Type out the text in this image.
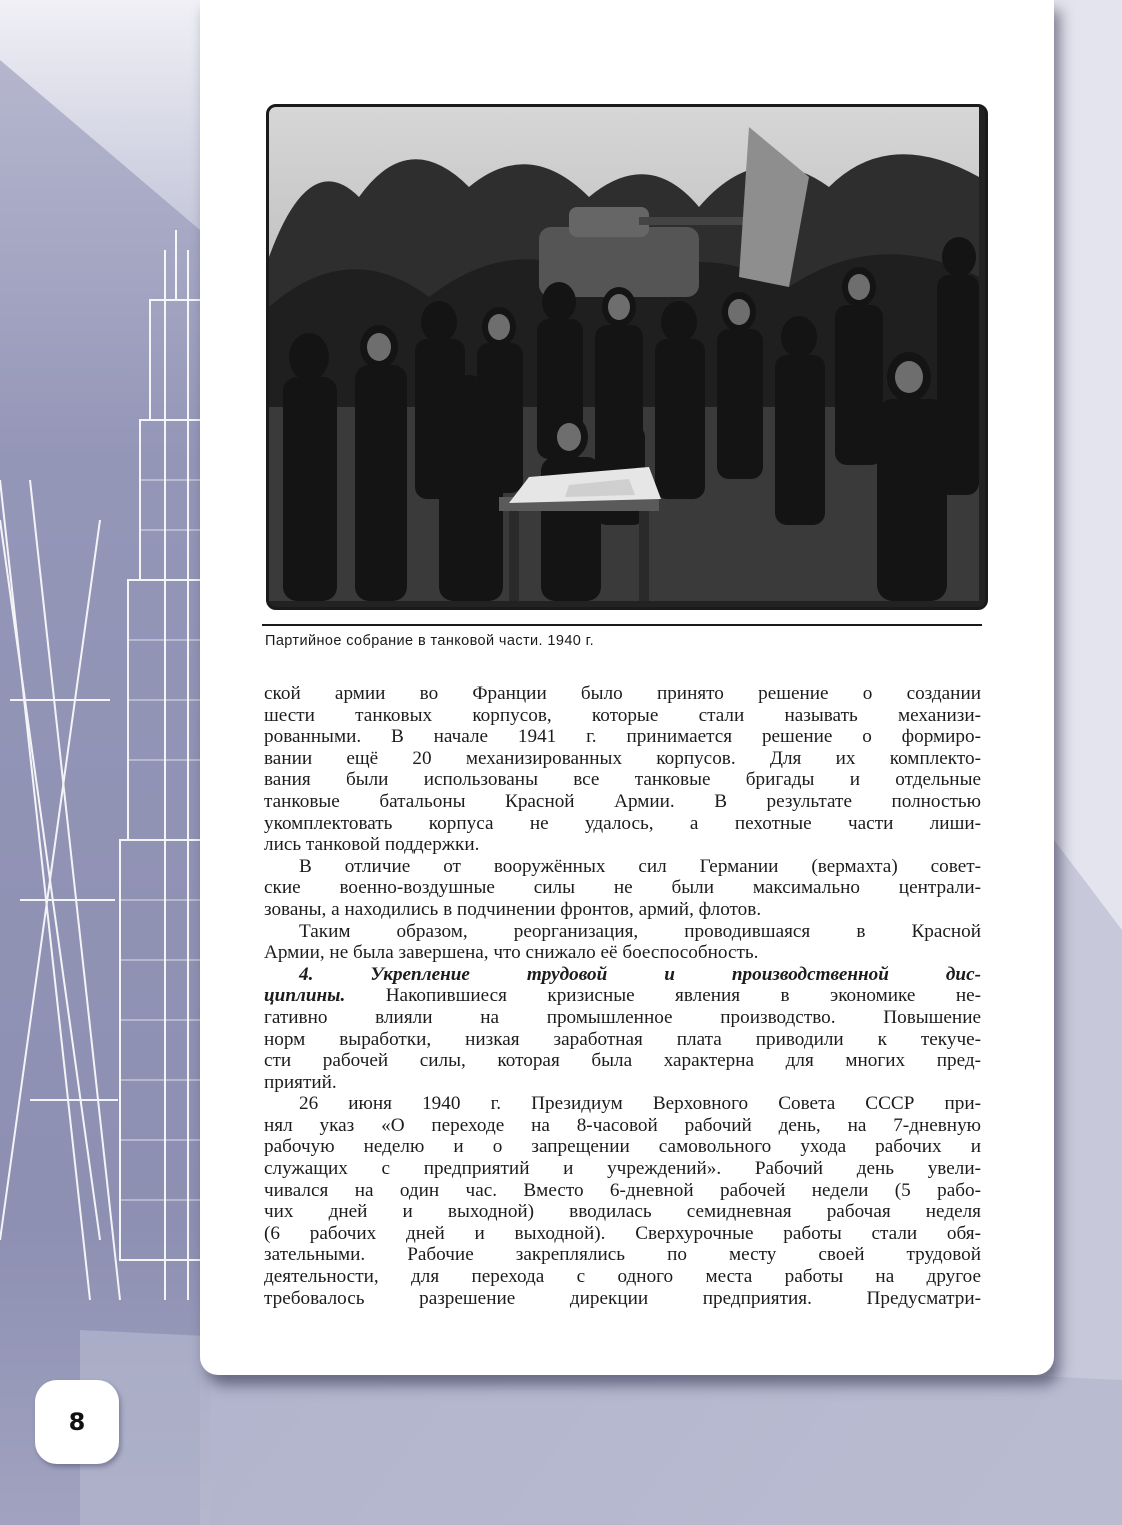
Партийное собрание в танковой части. 1940 г.
ской армии во Франции было принято решение о создании
шести танковых корпусов, которые стали называть механизи-
рованными. В начале 1941 г. принимается решение о формиро-
вании ещё 20 механизированных корпусов. Для их комплекто-
вания были использованы все танковые бригады и отдельные
танковые батальоны Красной Армии. В результате полностью
укомплектовать корпуса не удалось, а пехотные части лиши-
лись танковой поддержки.
В отличие от вооружённых сил Германии (вермахта) совет-
ские военно-воздушные силы не были максимально централи-
зованы, а находились в подчинении фронтов, армий, флотов.
Таким образом, реорганизация, проводившаяся в Красной
Армии, не была завершена, что снижало её боеспособность.
4. Укрепление трудовой и производственной дис-
циплины. Накопившиеся кризисные явления в экономике не-
гативно влияли на промышленное производство. Повышение
норм выработки, низкая заработная плата приводили к текуче-
сти рабочей силы, которая была характерна для многих пред-
приятий.
26 июня 1940 г. Президиум Верховного Совета СССР при-
нял указ «О переходе на 8-часовой рабочий день, на 7-дневную
рабочую неделю и о запрещении самовольного ухода рабочих и
служащих с предприятий и учреждений». Рабочий день увели-
чивался на один час. Вместо 6-дневной рабочей недели (5 рабо-
чих дней и выходной) вводилась семидневная рабочая неделя
(6 рабочих дней и выходной). Сверхурочные работы стали обя-
зательными. Рабочие закреплялись по месту своей трудовой
деятельности, для перехода с одного места работы на другое
требовалось разрешение дирекции предприятия. Предусматри-
8
